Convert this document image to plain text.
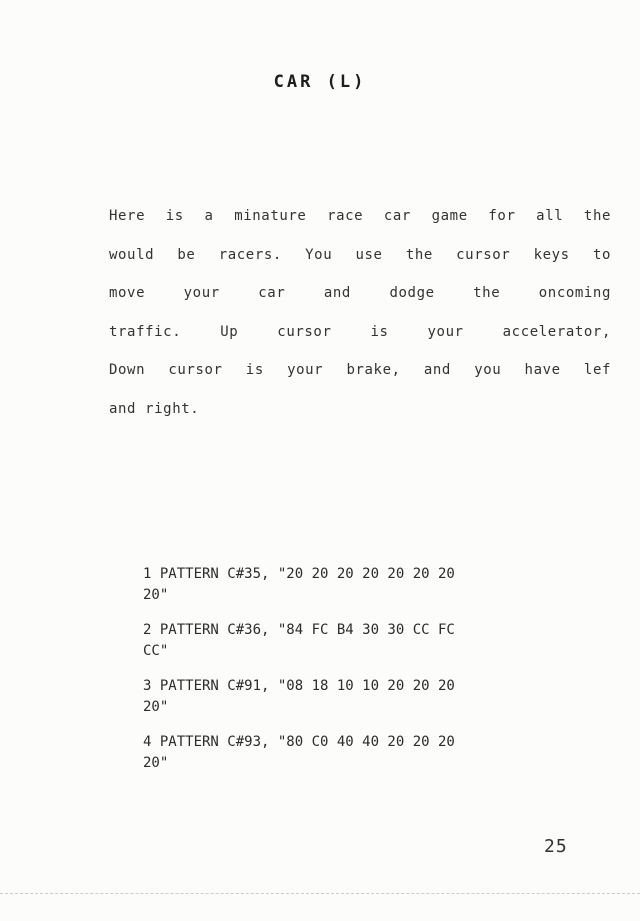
CAR (L)
Here is a minature race car game for all the
would be racers. You use the cursor keys to
move your car and dodge the oncoming
traffic. Up cursor is your accelerator,
Down cursor is your brake, and you have lef
and right.
1 PATTERN C#35, "20 20 20 20 20 20 20
20"
2 PATTERN C#36, "84 FC B4 30 30 CC FC
CC"
3 PATTERN C#91, "08 18 10 10 20 20 20
20"
4 PATTERN C#93, "80 C0 40 40 20 20 20
20"
25
